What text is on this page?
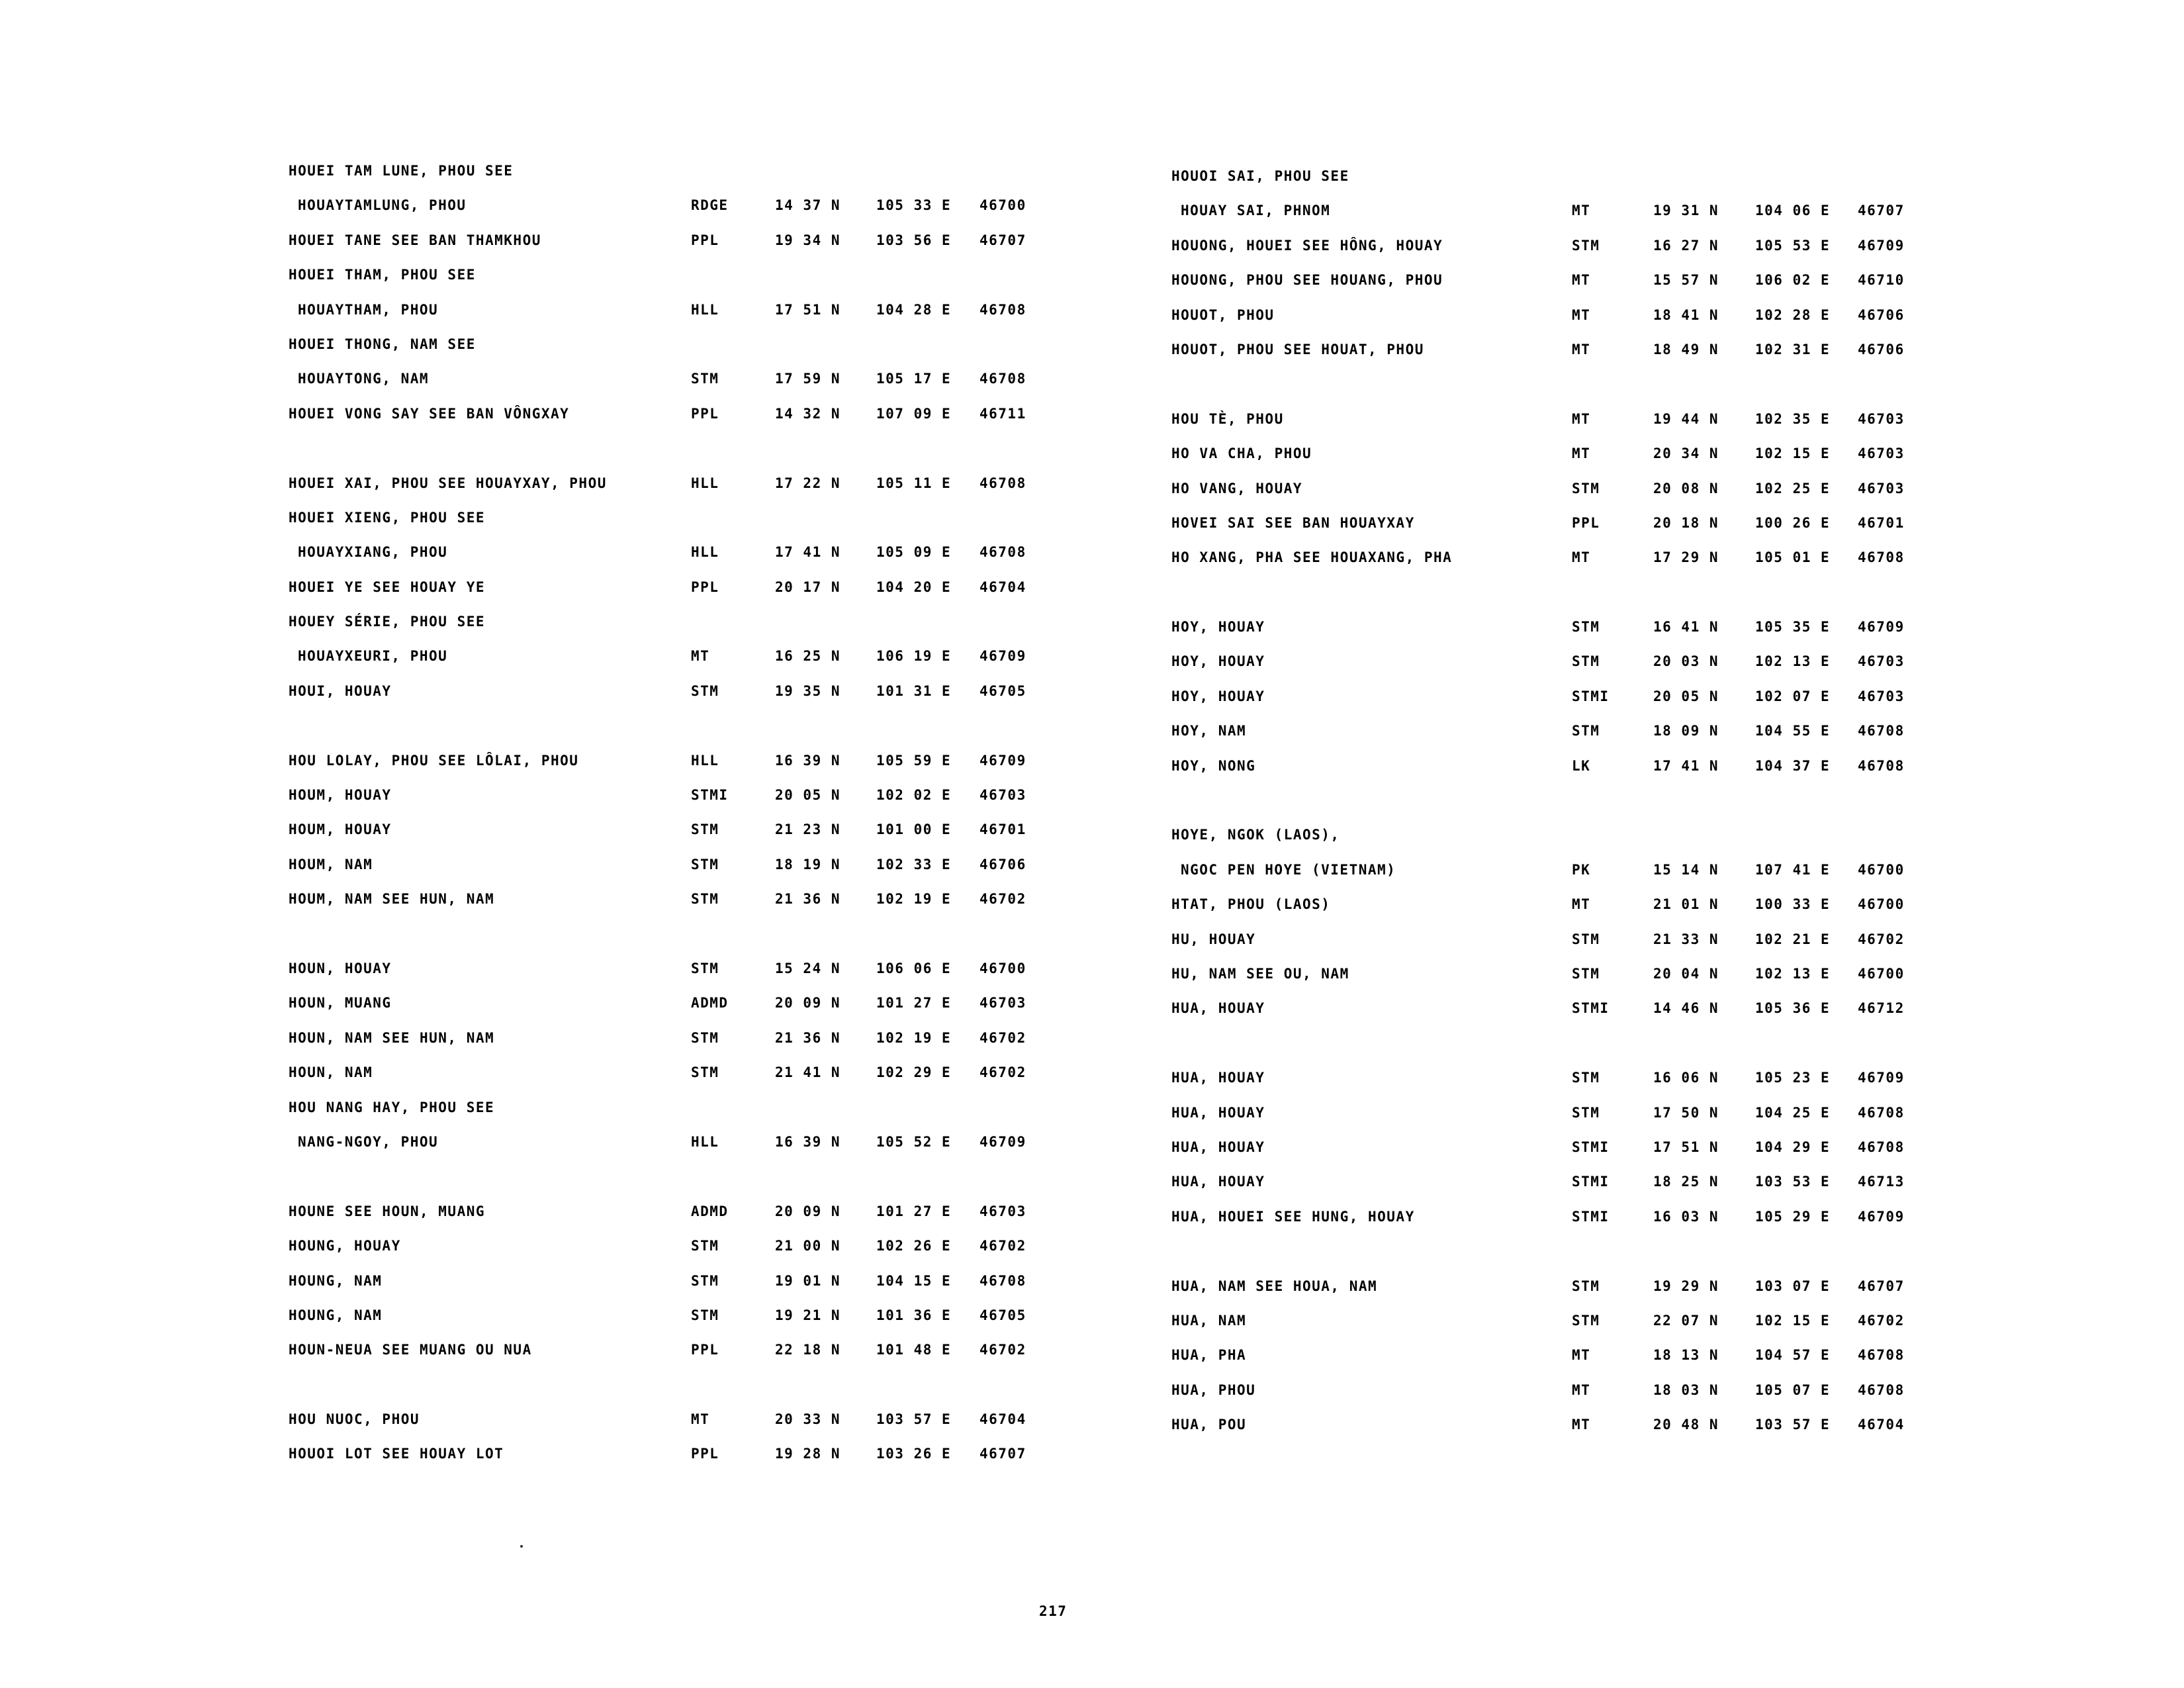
HOUEI TAM LUNE, PHOU SEE
HOUAYTAMLUNG, PHOU	RDGE	14 37 N	105 33 E 46700
HOUEI TANE SEE BAN THAMKHOU	PPL	19 34 N	103 56 E 46707
HOUEI THAM, PHOU SEE
HOUAYTHAM, PHOU	HLL	17 51 N	104 28 E 46708
HOUEI THONG, NAM SEE
HOUAYTONG, NAM	STM	17 59 N	105 17 E 46708
HOUEI VONG SAY SEE BAN VÔNGXAY	PPL	14 32 N	107 09 E 46711
HOUEI XAI, PHOU SEE HOUAYXAY, PHOU	HLL	17 22 N	105 11 E 46708
HOUEI XIENG, PHOU SEE
HOUAYXIANG, PHOU	HLL	17 41 N	105 09 E 46708
HOUEI YE SEE HOUAY YE	PPL	20 17 N	104 20 E 46704
HOUEY SÉRIE, PHOU SEE
HOUAYXEURI, PHOU	MT	16 25 N	106 19 E 46709
HOUI, HOUAY	STM	19 35 N	101 31 E 46705
HOU LOLAY, PHOU SEE LÔLAI, PHOU	HLL	16 39 N	105 59 E 46709
HOUM, HOUAY	STMI	20 05 N	102 02 E 46703
HOUM, HOUAY	STM	21 23 N	101 00 E 46701
HOUM, NAM	STM	18 19 N	102 33 E 46706
HOUM, NAM SEE HUN, NAM	STM	21 36 N	102 19 E 46702
HOUN, HOUAY	STM	15 24 N	106 06 E 46700
HOUN, MUANG	ADMD	20 09 N	101 27 E 46703
HOUN, NAM SEE HUN, NAM	STM	21 36 N	102 19 E 46702
HOUN, NAM	STM	21 41 N	102 29 E 46702
HOU NANG HAY, PHOU SEE
NANG-NGOY, PHOU	HLL	16 39 N	105 52 E 46709
HOUNE SEE HOUN, MUANG	ADMD	20 09 N	101 27 E 46703
HOUNG, HOUAY	STM	21 00 N	102 26 E 46702
HOUNG, NAM	STM	19 01 N	104 15 E 46708
HOUNG, NAM	STM	19 21 N	101 36 E 46705
HOUN-NEUA SEE MUANG OU NUA	PPL	22 18 N	101 48 E 46702
HOU NUOC, PHOU	MT	20 33 N	103 57 E 46704
HOUOI LOT SEE HOUAY LOT	PPL	19 28 N	103 26 E 46707
HOUOI SAI, PHOU SEE
HOUAY SAI, PHNOM	MT	19 31 N	104 06 E 46707
HOUONG, HOUEI SEE HÔNG, HOUAY	STM	16 27 N	105 53 E 46709
HOUONG, PHOU SEE HOUANG, PHOU	MT	15 57 N	106 02 E 46710
HOUOT, PHOU	MT	18 41 N	102 28 E 46706
HOUOT, PHOU SEE HOUAT, PHOU	MT	18 49 N	102 31 E 46706
HOU TÈ, PHOU	MT	19 44 N	102 35 E 46703
HO VA CHA, PHOU	MT	20 34 N	102 15 E 46703
HO VANG, HOUAY	STM	20 08 N	102 25 E 46703
HOVEI SAI SEE BAN HOUAYXAY	PPL	20 18 N	100 26 E 46701
HO XANG, PHA SEE HOUAXANG, PHA	MT	17 29 N	105 01 E 46708
HOY, HOUAY	STM	16 41 N	105 35 E 46709
HOY, HOUAY	STM	20 03 N	102 13 E 46703
HOY, HOUAY	STMI	20 05 N	102 07 E 46703
HOY, NAM	STM	18 09 N	104 55 E 46708
HOY, NONG	LK	17 41 N	104 37 E 46708
HOYE, NGOK (LAOS),
NGOC PEN HOYE (VIETNAM)	PK	15 14 N	107 41 E 46700
HTAT, PHOU (LAOS)	MT	21 01 N	100 33 E 46700
HU, HOUAY	STM	21 33 N	102 21 E 46702
HU, NAM SEE OU, NAM	STM	20 04 N	102 13 E 46700
HUA, HOUAY	STMI	14 46 N	105 36 E 46712
HUA, HOUAY	STM	16 06 N	105 23 E 46709
HUA, HOUAY	STM	17 50 N	104 25 E 46708
HUA, HOUAY	STMI	17 51 N	104 29 E 46708
HUA, HOUAY	STMI	18 25 N	103 53 E 46713
HUA, HOUEI SEE HUNG, HOUAY	STMI	16 03 N	105 29 E 46709
HUA, NAM SEE HOUA, NAM	STM	19 29 N	103 07 E 46707
HUA, NAM	STM	22 07 N	102 15 E 46702
HUA, PHA	MT	18 13 N	104 57 E 46708
HUA, PHOU	MT	18 03 N	105 07 E 46708
HUA, POU	MT	20 48 N	103 57 E 46704
217
